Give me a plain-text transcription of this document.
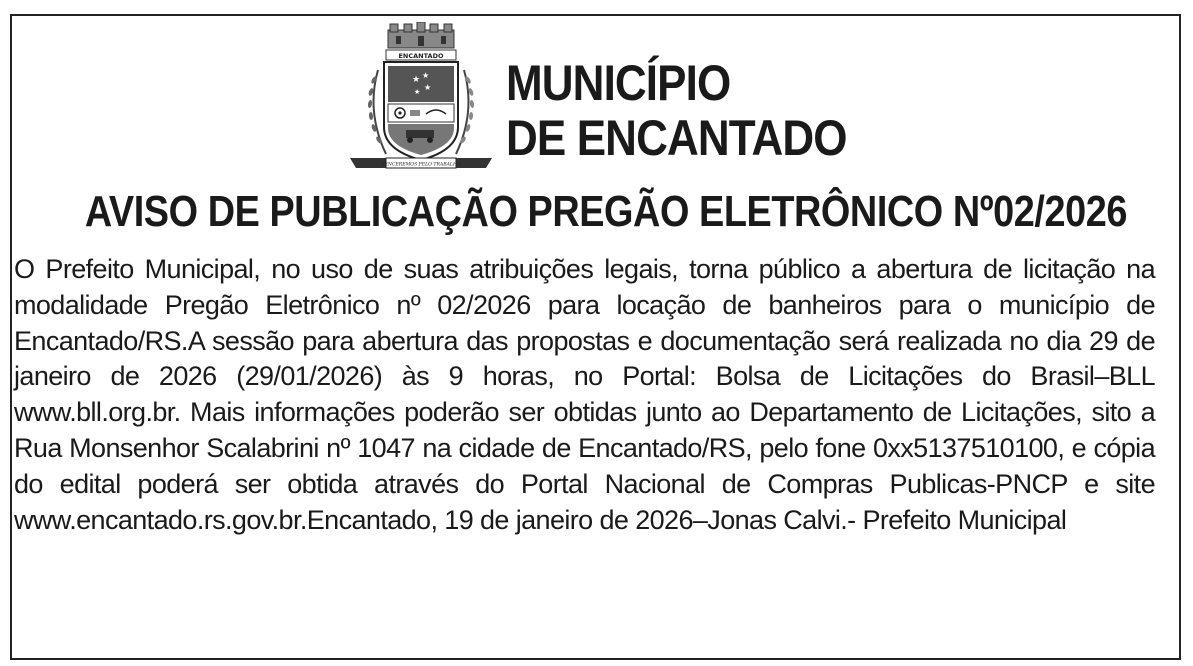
ENCANTADO
★ ★
★
★
VENCEREMOS PELO TRABALHO
MUNICÍPIO
DE ENCANTADO
AVISO DE PUBLICAÇÃO PREGÃO ELETRÔNICO Nº02/2026
O Prefeito Municipal, no uso de suas atribuições legais, torna público a abertura de licitação na modalidade Pregão Eletrônico nº 02/2026 para locação de banheiros para o município de Encantado/RS.A sessão para abertura das propostas e documentação será realizada no dia 29 de janeiro de 2026 (29/01/2026) às 9 horas, no Portal: Bolsa de Licitações do Brasil–BLL www.bll.org.br. Mais informações poderão ser obtidas junto ao Departamento de Licitações, sito a Rua Monsenhor Scalabrini nº 1047 na cidade de Encantado/RS, pelo fone 0xx5137510100, e cópia do edital poderá ser obtida através do Portal Nacional de Compras Publicas-PNCP e site www.encantado.rs.gov.br.Encantado, 19 de janeiro de 2026–Jonas Calvi.- Prefeito Municipal
